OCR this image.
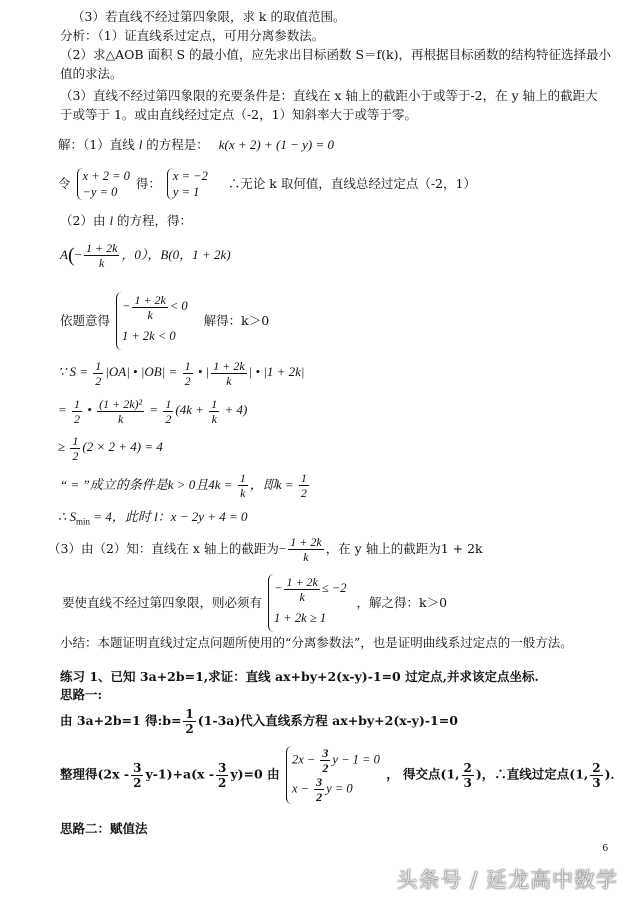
（3）若直线不经过第四象限，求 k 的取值范围。
分析：（1）证直线系过定点，可用分离参数法。
（2）求△AOB 面积 S 的最小值，应先求出目标函数 S＝f(k)，再根据目标函数的结构特征选择最小
值的求法。
（3）直线不经过第四象限的充要条件是：直线在 x 轴上的截距小于或等于-2，在 y 轴上的截距大
于或等于 1。或由直线经过定点（-2，1）知斜率大于或等于零。
解：（1）直线 l 的方程是： k(x + 2) + (1 − y) = 0
令 x + 2 = 0
−y = 0
得： x = −2
y = 1
∴无论 k 取何值，直线总经过定点（-2，1）
（2）由 l 的方程，得：
$A(- \frac{1 + 2k}{k}$ ，0），B(0，1 + 2k)
依题意得
− $\frac{1 + 2k}{k} < 0$
1 + 2k < 0
解得：k＞0
∵ $S = \frac{1}{2} |OA|$ • $|OB| = \frac{1}{2}$ • | $\frac{1 + 2k}{k}$ | • |1 + 2k|
= $\frac{1}{2}$ • $\frac{\text{(1 + 2k)²}}{k} = \frac{1}{2} (4k + \frac{1}{k} + 4)$
≥ $\frac{1}{2} (2 \times 2 + 4) = 4$
“ = ”成立的条件是k > 0且$4k = \frac{1}{k}$ ，即$k = \frac{1}{2}$
∴ $S_{min} = 4$，此时 l：x − 2y + 4 = 0
（3）由（2）知：直线在 x 轴上的截距为− $\frac{1 + 2k}{k}$ ，在 y 轴上的截距为1 + 2k
要使直线不经过第四象限，则必须有
− $\frac{1 + 2k}{k} \le -2$
1 + 2k ≥ 1
，解之得：k＞0
小结：本题证明直线过定点问题所使用的“分离参数法”，也是证明曲线系过定点的一般方法。
练习 1、已知 3a+2b=1,求证：直线 ax+by+2(x-y)-1=0 过定点,并求该定点坐标.
思路一:
由 3a+2b=1 得:b= $\frac{1}{2} (1-3a)$代入直线系方程 ax+by+2(x-y)-1=0
整理得$(2x - \frac{3}{2} y-1)+a(x - \frac{3}{2} y)=0$ 由
$2x - \frac{3}{2}$ y − 1 = 0
$x - \frac{3}{2}$ y = 0
， 得交点(1, $\frac{2}{3}$ )，∴直线过定点(1, $\frac{2}{3}$ )．
思路二：赋值法
6
头条号 / 延龙高中数学
